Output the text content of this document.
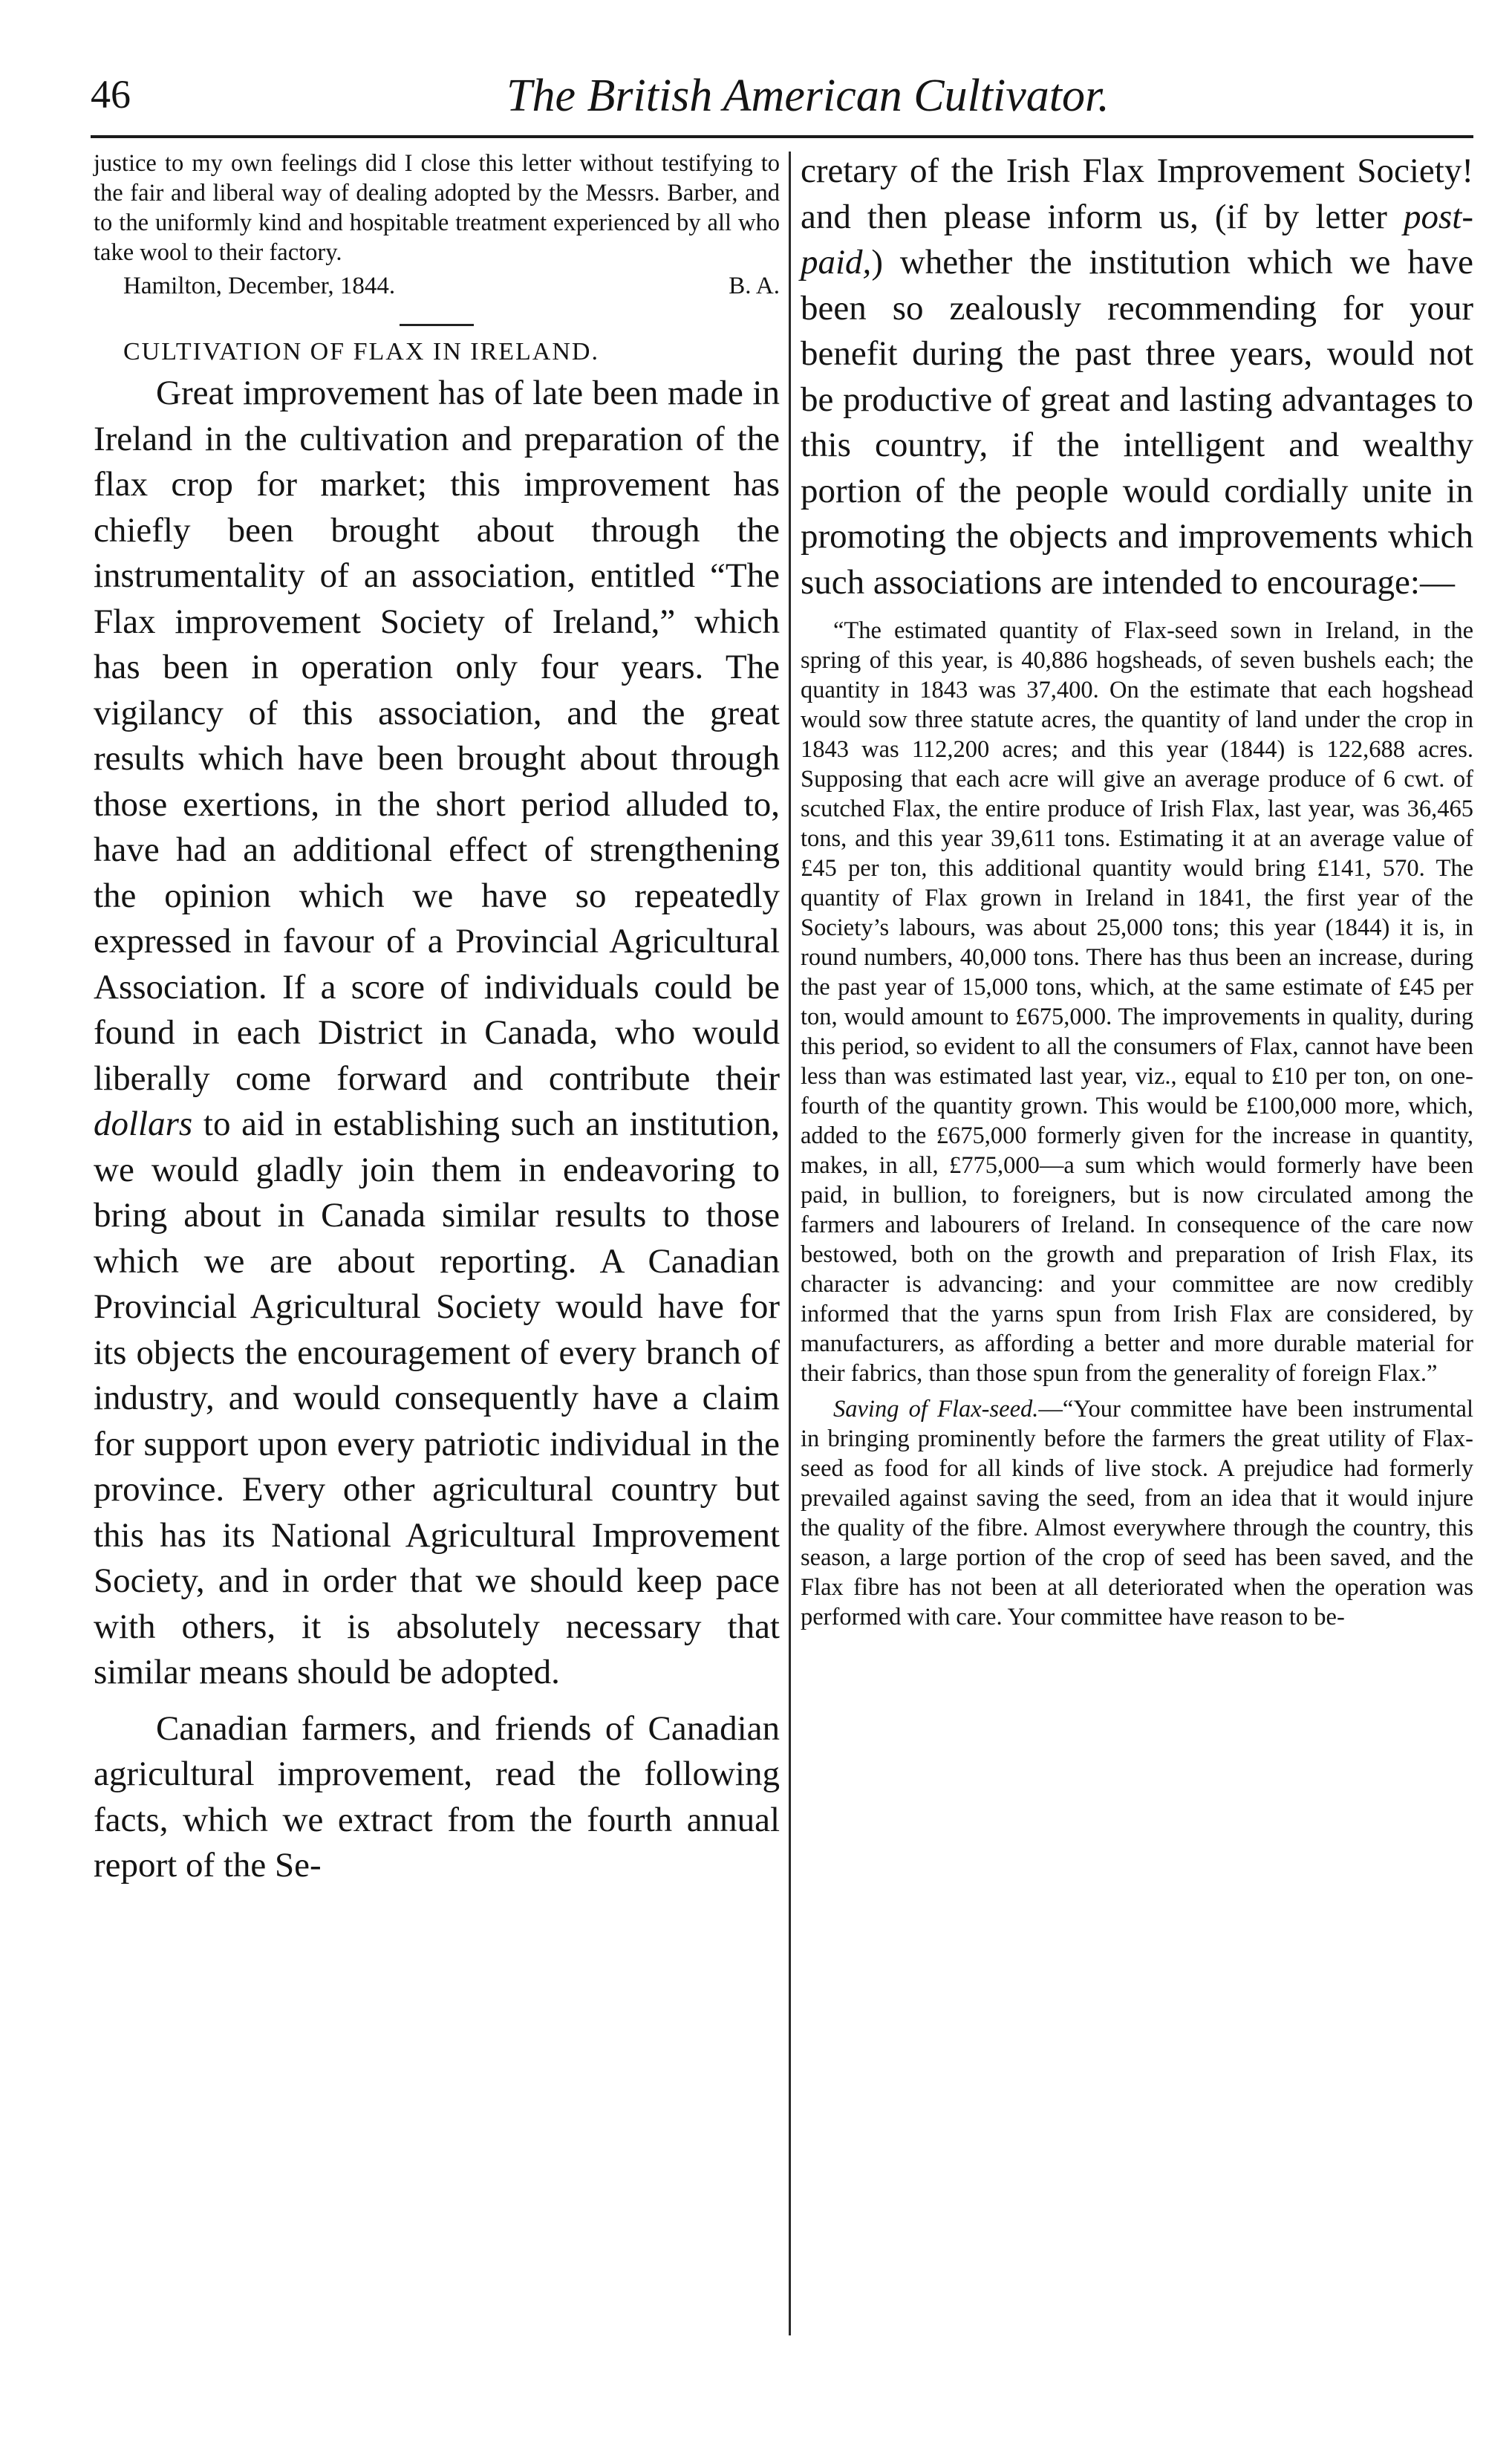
46	The British American Cultivator.

justice to my own feelings did I close this letter without testifying to the fair and liberal way of dealing adopted by the Messrs. Barber, and to the uniformly kind and hospitable treatment experienced by all who take wool to their factory.

Hamilton, December, 1844.	B. A.
CULTIVATION OF FLAX IN IRELAND.

Great improvement has of late been made in Ireland in the cultivation and preparation of the flax crop for market; this improvement has chiefly been brought about through the instrumentality of an association, entitled “The Flax improvement Society of Ireland,” which has been in operation only four years. The vigilancy of this association, and the great results which have been brought about through those exertions, in the short period alluded to, have had an additional effect of strengthening the opinion which we have so repeatedly expressed in favour of a Provincial Agricultural Association. If a score of individuals could be found in each District in Canada, who would liberally come forward and contribute their dollars to aid in establishing such an institution, we would gladly join them in endeavoring to bring about in Canada similar results to those which we are about reporting. A Canadian Provincial Agricultural Society would have for its objects the encouragement of every branch of industry, and would consequently have a claim for support upon every patriotic individual in the province. Every other agricultural country but this has its National Agricultural Improvement Society, and in order that we should keep pace with others, it is absolutely necessary that similar means should be adopted.

Canadian farmers, and friends of Canadian agricultural improvement, read the following facts, which we extract from the fourth annual report of the Se-

cretary of the Irish Flax Improvement Society! and then please inform us, (if by letter post-paid,) whether the institution which we have been so zealously recommending for your benefit during the past three years, would not be productive of great and lasting advantages to this country, if the intelligent and wealthy portion of the people would cordially unite in promoting the objects and improvements which such associations are intended to encourage:—

“The estimated quantity of Flax-seed sown in Ireland, in the spring of this year, is 40,886 hogsheads, of seven bushels each; the quantity in 1843 was 37,400. On the estimate that each hogshead would sow three statute acres, the quantity of land under the crop in 1843 was 112,200 acres; and this year (1844) is 122,688 acres. Supposing that each acre will give an average produce of 6 cwt. of scutched Flax, the entire produce of Irish Flax, last year, was 36,465 tons, and this year 39,611 tons. Estimating it at an average value of £45 per ton, this additional quantity would bring £141, 570. The quantity of Flax grown in Ireland in 1841, the first year of the Society’s labours, was about 25,000 tons; this year (1844) it is, in round numbers, 40,000 tons. There has thus been an increase, during the past year of 15,000 tons, which, at the same estimate of £45 per ton, would amount to £675,000. The improvements in quality, during this period, so evident to all the consumers of Flax, cannot have been less than was estimated last year, viz., equal to £10 per ton, on one-fourth of the quantity grown. This would be £100,000 more, which, added to the £675,000 formerly given for the increase in quantity, makes, in all, £775,000—a sum which would formerly have been paid, in bullion, to foreigners, but is now circulated among the farmers and labourers of Ireland. In consequence of the care now bestowed, both on the growth and preparation of Irish Flax, its character is advancing: and your committee are now credibly informed that the yarns spun from Irish Flax are considered, by manufacturers, as affording a better and more durable material for their fabrics, than those spun from the generality of foreign Flax.”

Saving of Flax-seed.—“Your committee have been instrumental in bringing prominently before the farmers the great utility of Flax-seed as food for all kinds of live stock. A prejudice had formerly prevailed against saving the seed, from an idea that it would injure the quality of the fibre. Almost everywhere through the country, this season, a large portion of the crop of seed has been saved, and the Flax fibre has not been at all deteriorated when the operation was performed with care. Your committee have reason to be-
